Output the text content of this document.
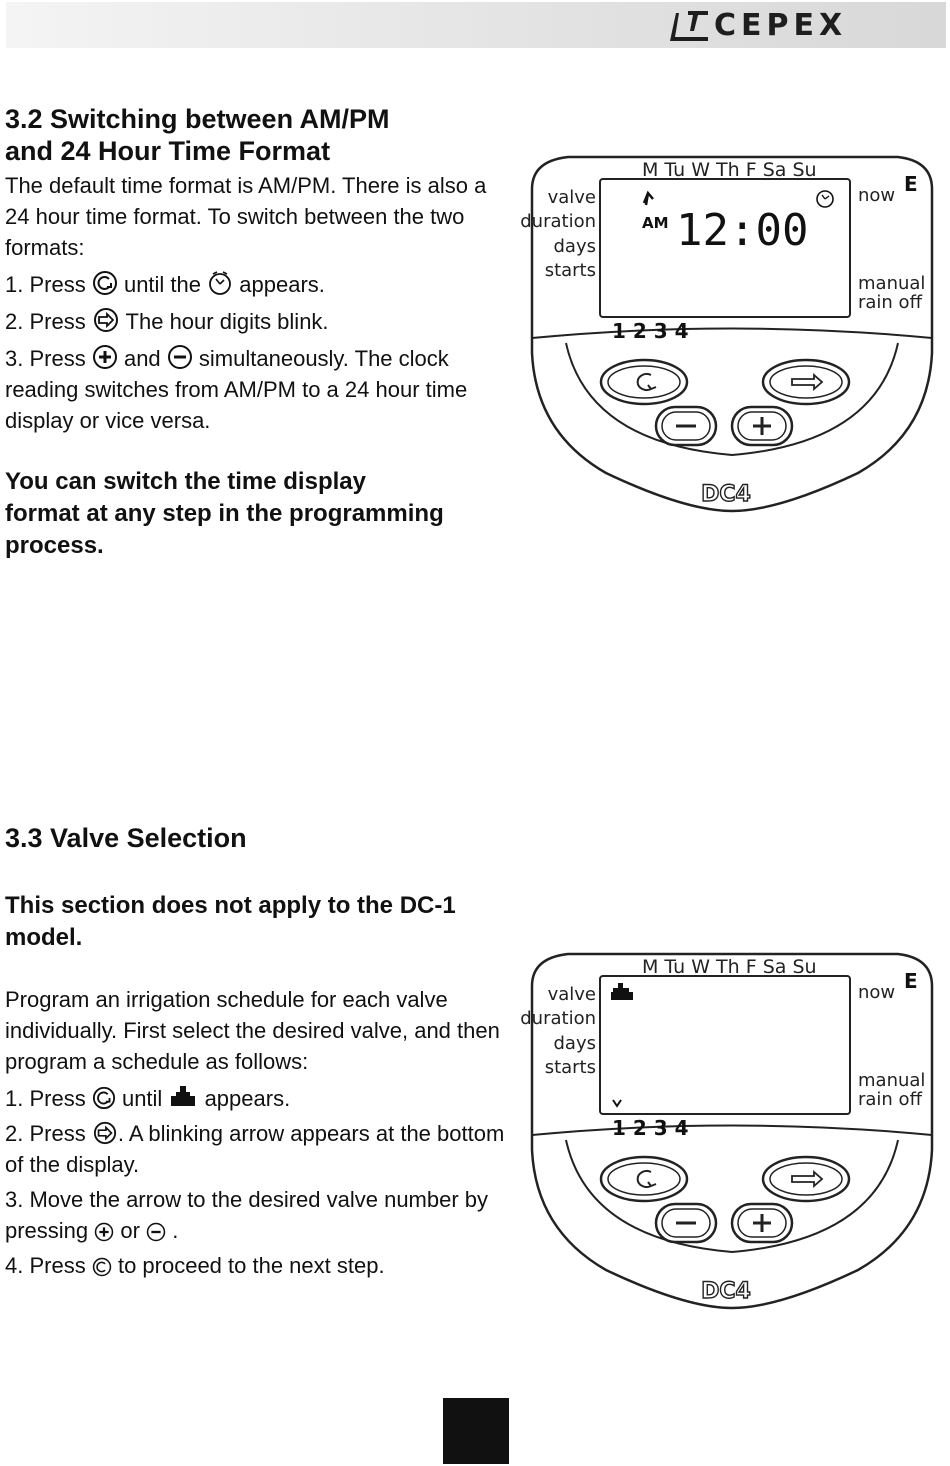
CEPEX
3.2 Switching between AM/PM
and 24 Hour Time Format

The default time format is AM/PM. There is also a 24 hour time format. To switch between the two formats:

1. Press until the appears.

2. Press The hour digits blink.

3. Press and simultaneously. The clock reading switches from AM/PM to a 24 hour time display or vice versa.

You can switch the time display format at any step in the programming process.
M Tu W Th F Sa Su
valve
duration
days
starts
now E
manual
rain off
AM 12:00
1 2 3 4
DC4
3.3 Valve Selection
This section does not apply to the DC-1 model.

Program an irrigation schedule for each valve individually. First select the desired valve, and then program a schedule as follows:

1. Press until appears.

2. Press . A blinking arrow appears at the bottom of the display.

3. Move the arrow to the desired valve number by pressing or .

4. Press to proceed to the next step.

M Tu W Th F Sa Su
valve
duration
days
starts
now E
manual
rain off
1 2 3 4
DC4
